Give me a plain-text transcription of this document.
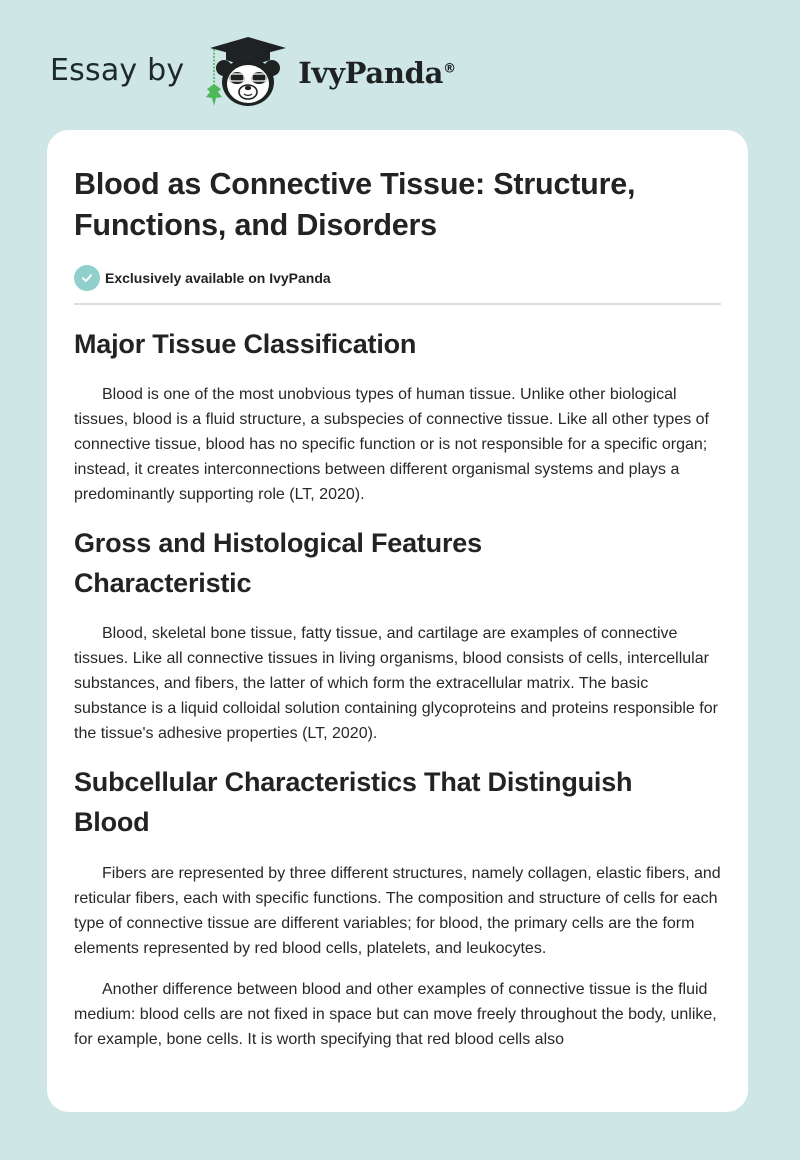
Essay by	IvyPanda®
Blood as Connective Tissue: Structure, Functions, and Disorders
Exclusively available on IvyPanda
Major Tissue Classification

Blood is one of the most unobvious types of human tissue. Unlike other biological tissues, blood is a fluid structure, a subspecies of connective tissue. Like all other types of connective tissue, blood has no specific function or is not responsible for a specific organ; instead, it creates interconnections between different organismal systems and plays a predominantly supporting role (LT, 2020).

Gross and Histological Features Characteristic

Blood, skeletal bone tissue, fatty tissue, and cartilage are examples of connective tissues. Like all connective tissues in living organisms, blood consists of cells, intercellular substances, and fibers, the latter of which form the extracellular matrix. The basic substance is a liquid colloidal solution containing glycoproteins and proteins responsible for the tissue's adhesive properties (LT, 2020).

Subcellular Characteristics That Distinguish Blood

Fibers are represented by three different structures, namely collagen, elastic fibers, and reticular fibers, each with specific functions. The composition and structure of cells for each type of connective tissue are different variables; for blood, the primary cells are the form elements represented by red blood cells, platelets, and leukocytes.

Another difference between blood and other examples of connective tissue is the fluid medium: blood cells are not fixed in space but can move freely throughout the body, unlike, for example, bone cells. It is worth specifying that red blood cells also
